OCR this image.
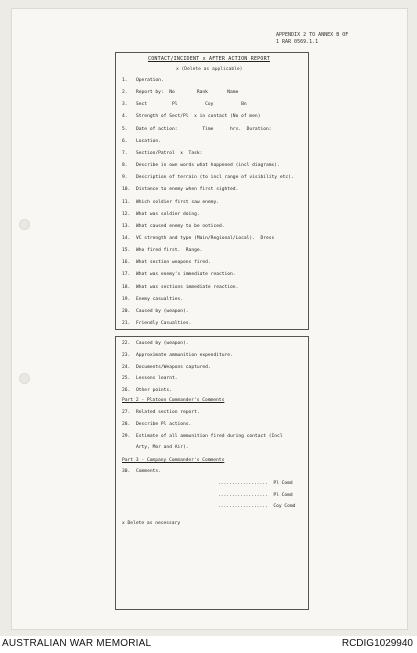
APPENDIX 2 TO ANNEX B OF
1 RAR 0569.1.1
CONTACT/INCIDENT x AFTER ACTION REPORT
x (Delete as applicable)
1. Operation.
2. Report by:  No        Rank       Name
3. Sect         Pl          Coy          Bn
4. Strength of Sect/Pl  x in contact (No of men)
5. Date of action:         Time      hrs.  Duration:
6. Location.
7. Section/Patrol  x  Task:
8. Describe in own words what happened (incl diagrams).
9. Description of terrain (to incl range of visibility etc).
10. Distance to enemy when first sighted.
11. Which soldier first saw enemy.
12. What was soldier doing.
13. What caused enemy to be noticed.
14. VC strength and type (Main/Regional/Local).  Dress
15. Who fired first.  Range.
16. What section weapons fired.
17. What was enemy's immediate reaction.
18. What was sections immediate reaction.
19. Enemy casualties.
20. Caused by (weapon).
21. Friendly Casualties.
22. Caused by (weapon).
23. Approximate ammunition expenditure.
24. Documents/Weapons captured.
25. Lessons learnt.
26. Other points.
Part 2 - Platoon Commander's Comments
27. Related section report.
28. Describe Pl actions.
29. Estimate of all ammunition fired during contact (Incl
Arty, Mor and Air).
Part 3 - Company Commander's Comments
30. Comments.
..................  Pl Comd
..................  Pl Comd
..................  Coy Comd
x Delete as necessary
AUSTRALIAN WAR MEMORIAL	RCDIG1029940
